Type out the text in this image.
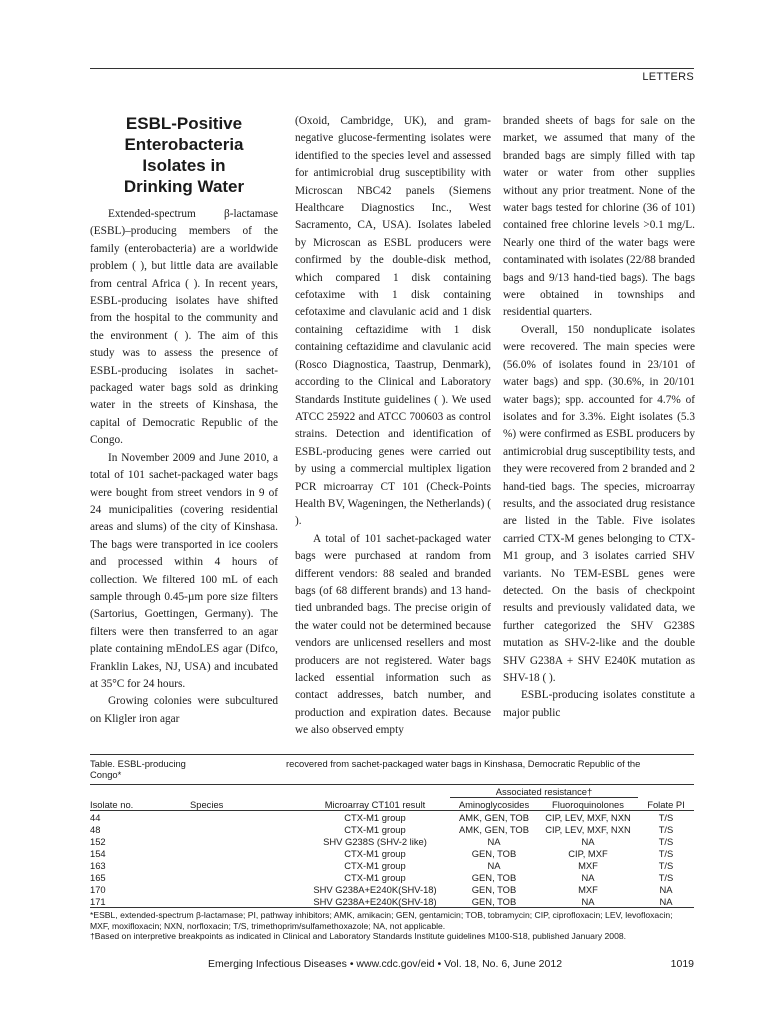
LETTERS
ESBL-Positive
Enterobacteria
Isolates in
Drinking Water

Extended-spectrum β-lactamase (ESBL)–producing members of the family (enterobacteria) are a worldwide problem ( ), but little data are available from central Africa ( ). In recent years, ESBL-producing isolates have shifted from the hospital to the community and the environment ( ). The aim of this study was to assess the presence of ESBL-producing isolates in sachet-packaged water bags sold as drinking water in the streets of Kinshasa, the capital of Democratic Republic of the Congo.

In November 2009 and June 2010, a total of 101 sachet-packaged water bags were bought from street vendors in 9 of 24 municipalities (covering residential areas and slums) of the city of Kinshasa. The bags were transported in ice coolers and processed within 4 hours of collection. We filtered 100 mL of each sample through 0.45-µm pore size filters (Sartorius, Goettingen, Germany). The filters were then transferred to an agar plate containing mEndoLES agar (Difco, Franklin Lakes, NJ, USA) and incubated at 35°C for 24 hours.

Growing colonies were subcultured on Kligler iron agar

(Oxoid, Cambridge, UK), and gram-negative glucose-fermenting isolates were identified to the species level and assessed for antimicrobial drug susceptibility with Microscan NBC42 panels (Siemens Healthcare Diagnostics Inc., West Sacramento, CA, USA). Isolates labeled by Microscan as ESBL producers were confirmed by the double-disk method, which compared 1 disk containing cefotaxime with 1 disk containing cefotaxime and clavulanic acid and 1 disk containing ceftazidime with 1 disk containing ceftazidime and clavulanic acid (Rosco Diagnostica, Taastrup, Denmark), according to the Clinical and Laboratory Standards Institute guidelines ( ). We used ATCC 25922 and ATCC 700603 as control strains. Detection and identification of ESBL-producing genes were carried out by using a commercial multiplex ligation PCR microarray CT 101 (Check-Points Health BV, Wageningen, the Netherlands) ( ).

A total of 101 sachet-packaged water bags were purchased at random from different vendors: 88 sealed and branded bags (of 68 different brands) and 13 hand-tied unbranded bags. The precise origin of the water could not be determined because vendors are unlicensed resellers and most producers are not registered. Water bags lacked essential information such as contact addresses, batch number, and production and expiration dates. Because we also observed empty

branded sheets of bags for sale on the market, we assumed that many of the branded bags are simply filled with tap water or water from other supplies without any prior treatment. None of the water bags tested for chlorine (36 of 101) contained free chlorine levels >0.1 mg/L. Nearly one third of the water bags were contaminated with isolates (22/88 branded bags and 9/13 hand-tied bags). The bags were obtained in townships and residential quarters.

Overall, 150 nonduplicate isolates were recovered. The main species were (56.0% of isolates found in 23/101 of water bags) and spp. (30.6%, in 20/101 water bags); spp. accounted for 4.7% of isolates and for 3.3%. Eight isolates (5.3 %) were confirmed as ESBL producers by antimicrobial drug susceptibility tests, and they were recovered from 2 branded and 2 hand-tied bags. The species, microarray results, and the associated drug resistance are listed in the Table. Five isolates carried CTX-M genes belonging to CTX-M1 group, and 3 isolates carried SHV variants. No TEM-ESBL genes were detected. On the basis of checkpoint results and previously validated data, we further categorized the SHV G238S mutation as SHV-2-like and the double SHV G238A + SHV E240K mutation as SHV-18 ( ).

ESBL-producing isolates constitute a major public

Table. ESBL-producing	recovered from sachet-packaged water bags in Kinshasa, Democratic Republic of the
Congo*
			Associated resistance†		
Isolate no.	Species	Microarray CT101 result	Aminoglycosides	Fluoroquinolones	Folate PI
44		CTX-M1 group	AMK, GEN, TOB	CIP, LEV, MXF, NXN	T/S
48		CTX-M1 group	AMK, GEN, TOB	CIP, LEV, MXF, NXN	T/S
152		SHV G238S (SHV-2 like)	NA	NA	T/S
154		CTX-M1 group	GEN, TOB	CIP, MXF	T/S
163		CTX-M1 group	NA	MXF	T/S
165		CTX-M1 group	GEN, TOB	NA	T/S
170		SHV G238A+E240K(SHV-18)	GEN, TOB	MXF	NA
171		SHV G238A+E240K(SHV-18)	GEN, TOB	NA	NA
*ESBL, extended-spectrum β-lactamase; PI, pathway inhibitors; AMK, amikacin; GEN, gentamicin; TOB, tobramycin; CIP, ciprofloxacin; LEV, levofloxacin; MXF, moxifloxacin; NXN, norfloxacin; T/S, trimethoprim/sulfamethoxazole; NA, not applicable.
†Based on interpretive breakpoints as indicated in Clinical and Laboratory Standards Institute guidelines M100-S18, published January 2008.
Emerging Infectious Diseases • www.cdc.gov/eid • Vol. 18, No. 6, June 2012	1019
